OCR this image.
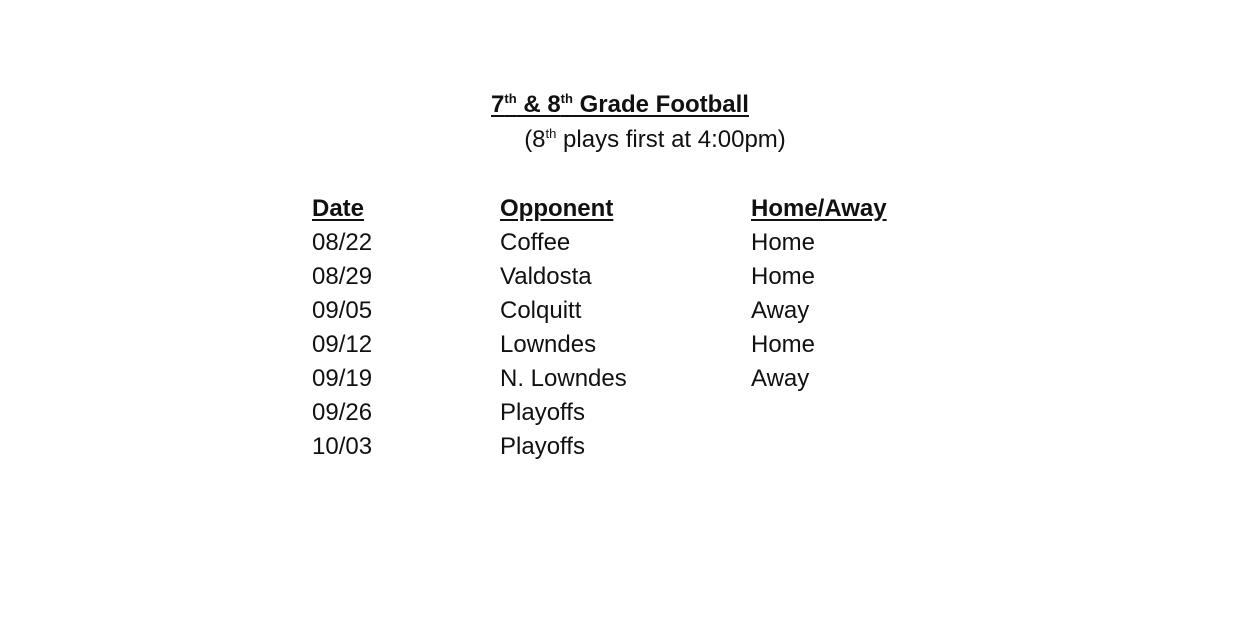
7th & 8th Grade Football
(8th plays first at 4:00pm)
Date	Opponent	Home/Away
08/22	Coffee	Home
08/29	Valdosta	Home
09/05	Colquitt	Away
09/12	Lowndes	Home
09/19	N. Lowndes	Away
09/26	Playoffs
10/03	Playoffs
